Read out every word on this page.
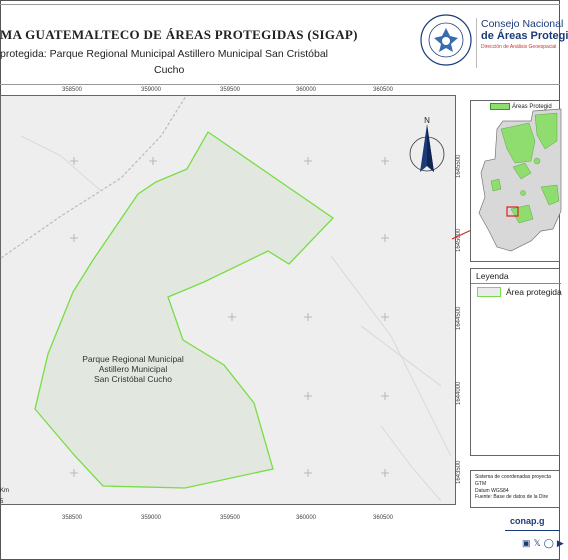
MA GUATEMALTECO DE ÁREAS PROTEGIDAS (SIGAP)
protegida: Parque Regional Municipal Astillero Municipal San Cristóbal
Cucho
Consejo Nacional
de Áreas Protegi
Dirección de Análisis Geoespacial
358500	359000	359500	360000	360500
Parque Regional Municipal
Astillero Municipal
San Cristóbal Cucho
N
1645500
1645000
1644500
1644000
1643500
Áreas Protegid
Leyenda
Área protegida
Sistema de coordenadas proyecta
GTM
Datum WGS84
Fuente: Base de datos de la Dire
Km
5
358500	359000	359500	360000	360500	conap.g
▣ 𝕏 ◯ ▶
